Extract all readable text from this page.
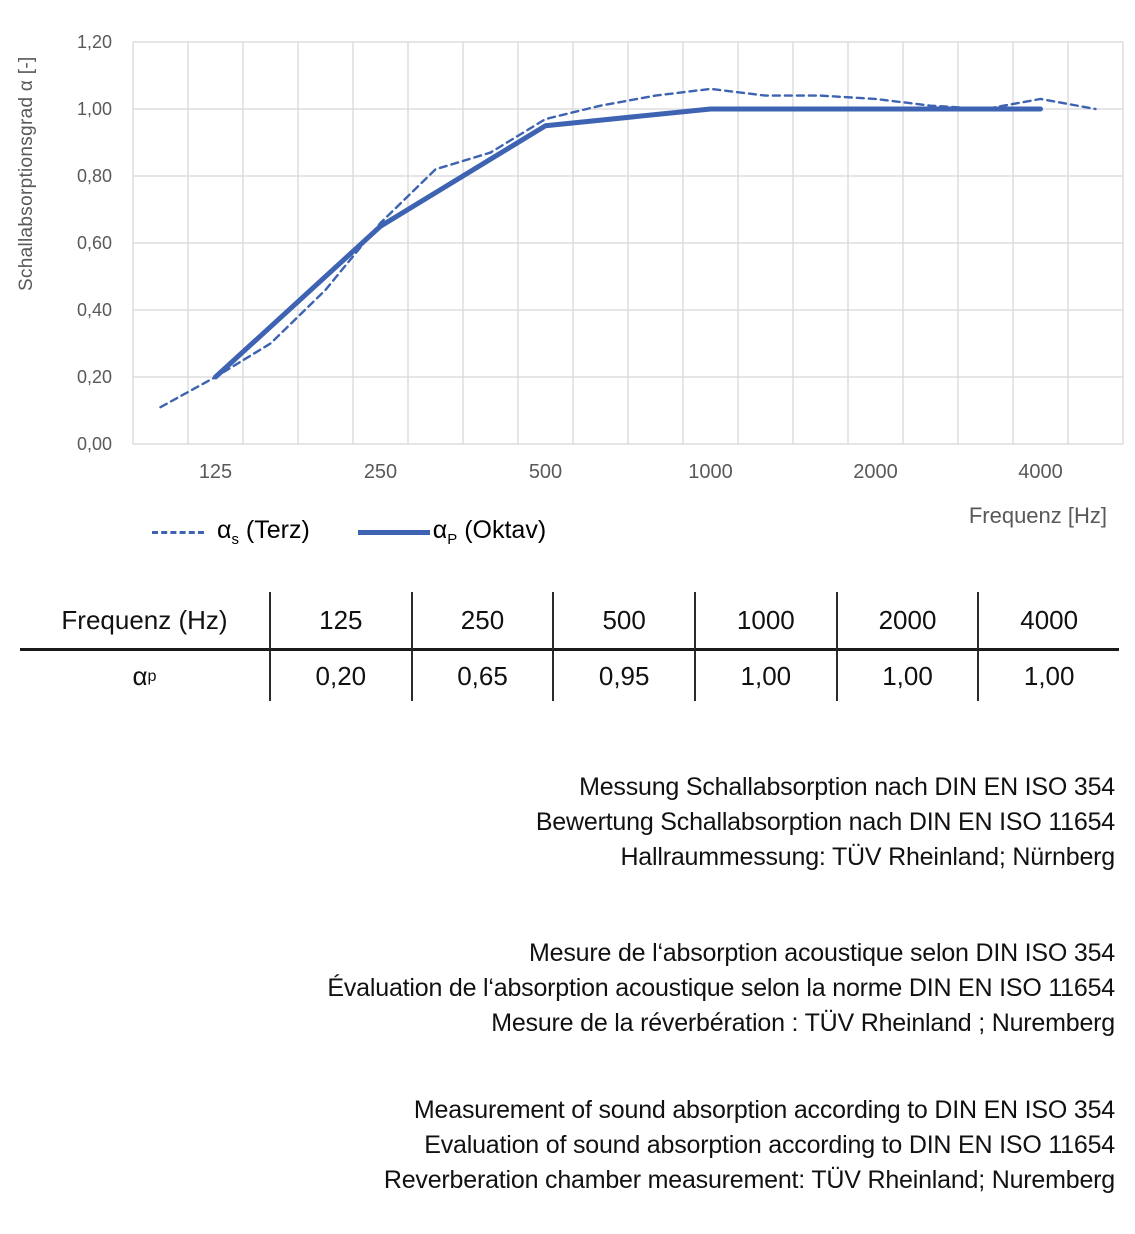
0,00
0,20
0,40
0,60
0,80
1,00
1,20
125	250	500	1000	2000	4000
Schallabsorptionsgrad α [-]
$\alpha_s$ (Terz)	$\alpha_P$ (Oktav)
Frequenz [Hz]
Frequenz (Hz)	125	250	500	1000	2000	4000
α p	0,20	0,65	0,95	1,00	1,00	1,00
Messung Schallabsorption nach DIN EN ISO 354
Bewertung Schallabsorption nach DIN EN ISO 11654
Hallraummessung: TÜV Rheinland; Nürnberg
Mesure de l‘absorption acoustique selon DIN ISO 354
Évaluation de l‘absorption acoustique selon la norme DIN EN ISO 11654
Mesure de la réverbération : TÜV Rheinland ; Nuremberg
Measurement of sound absorption according to DIN EN ISO 354
Evaluation of sound absorption according to DIN EN ISO 11654
Reverberation chamber measurement: TÜV Rheinland; Nuremberg
